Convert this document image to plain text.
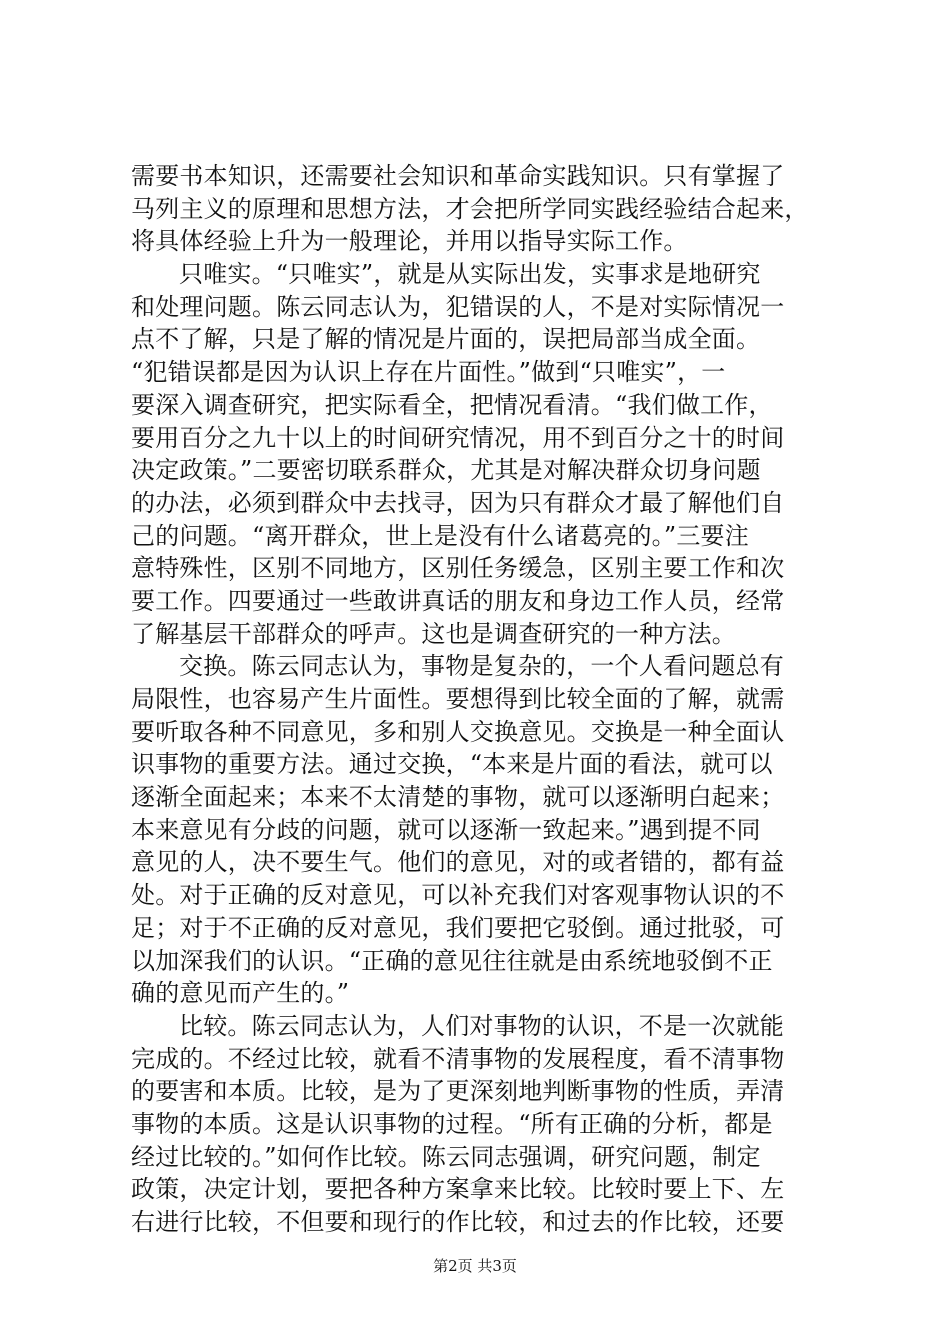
需要书本知识，还需要社会知识和革命实践知识。只有掌握了
马列主义的原理和思想方法，才会把所学同实践经验结合起来，
将具体经验上升为一般理论，并用以指导实际工作。
只唯实。“只唯实”，就是从实际出发，实事求是地研究
和处理问题。陈云同志认为，犯错误的人，不是对实际情况一
点不了解，只是了解的情况是片面的，误把局部当成全面。
“犯错误都是因为认识上存在片面性。”做到“只唯实”，一
要深入调查研究，把实际看全，把情况看清。“我们做工作，
要用百分之九十以上的时间研究情况，用不到百分之十的时间
决定政策。”二要密切联系群众，尤其是对解决群众切身问题
的办法，必须到群众中去找寻，因为只有群众才最了解他们自
己的问题。“离开群众，世上是没有什么诸葛亮的。”三要注
意特殊性，区别不同地方，区别任务缓急，区别主要工作和次
要工作。四要通过一些敢讲真话的朋友和身边工作人员，经常
了解基层干部群众的呼声。这也是调查研究的一种方法。
交换。陈云同志认为，事物是复杂的，一个人看问题总有
局限性，也容易产生片面性。要想得到比较全面的了解，就需
要听取各种不同意见，多和别人交换意见。交换是一种全面认
识事物的重要方法。通过交换，“本来是片面的看法，就可以
逐渐全面起来；本来不太清楚的事物，就可以逐渐明白起来；
本来意见有分歧的问题，就可以逐渐一致起来。”遇到提不同
意见的人，决不要生气。他们的意见，对的或者错的，都有益
处。对于正确的反对意见，可以补充我们对客观事物认识的不
足；对于不正确的反对意见，我们要把它驳倒。通过批驳，可
以加深我们的认识。“正确的意见往往就是由系统地驳倒不正
确的意见而产生的。”
比较。陈云同志认为，人们对事物的认识，不是一次就能
完成的。不经过比较，就看不清事物的发展程度，看不清事物
的要害和本质。比较，是为了更深刻地判断事物的性质，弄清
事物的本质。这是认识事物的过程。“所有正确的分析，都是
经过比较的。”如何作比较。陈云同志强调，研究问题，制定
政策，决定计划，要把各种方案拿来比较。比较时要上下、左
右进行比较，不但要和现行的作比较，和过去的作比较，还要
第2页 共3页
